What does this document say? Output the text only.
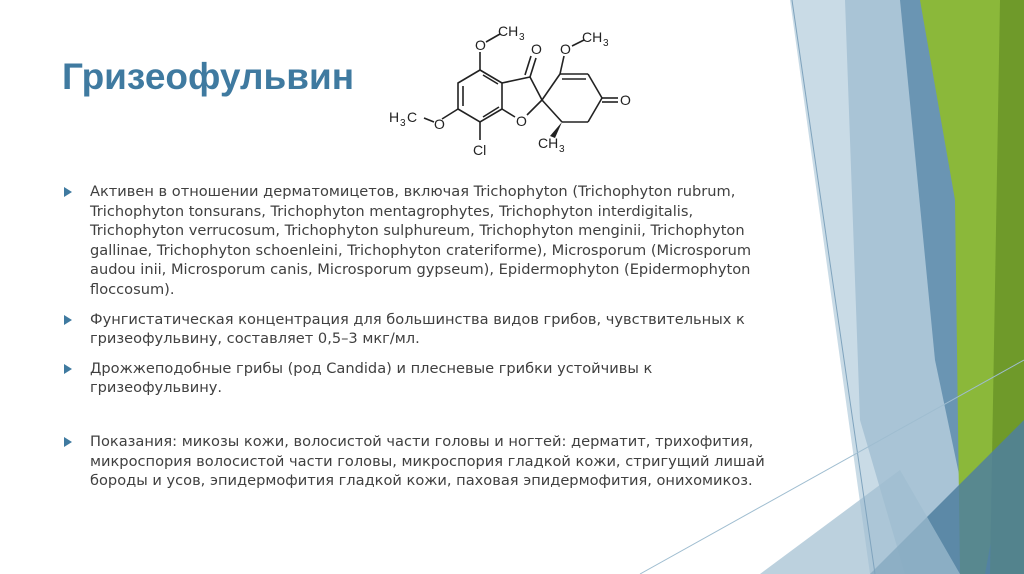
Гризеофульвин
O
CH 3
O O
CH 3
O
H 3 C O	O
Cl	CH 3

Активен в отношении дерматомицетов, включая Trichophyton (Trichophyton rubrum, Trichophyton tonsurans, Trichophyton mentagrophytes, Trichophyton interdigitalis, Trichophyton verrucosum, Trichophyton sulphureum, Trichophyton menginii, Trichophyton gallinae, Trichophyton schoenleini, Trichophyton crateriforme), Microsporum (Microsporum audou inii, Microsporum canis, Microsporum gypseum), Epidermophyton (Epidermophyton floccosum).

Фунгистатическая концентрация для большинства видов грибов, чувствительных к гризеофульвину, составляет 0,5–3 мкг/мл.

Дрожжеподобные грибы (род Candida) и плесневые грибки устойчивы к гризеофульвину.

Показания: микозы кожи, волосистой части головы и ногтей: дерматит, трихофития, микроспория волосистой части головы, микроспория гладкой кожи, стригущий лишай бороды и усов, эпидермофития гладкой кожи, паховая эпидермофития, онихомикоз.
